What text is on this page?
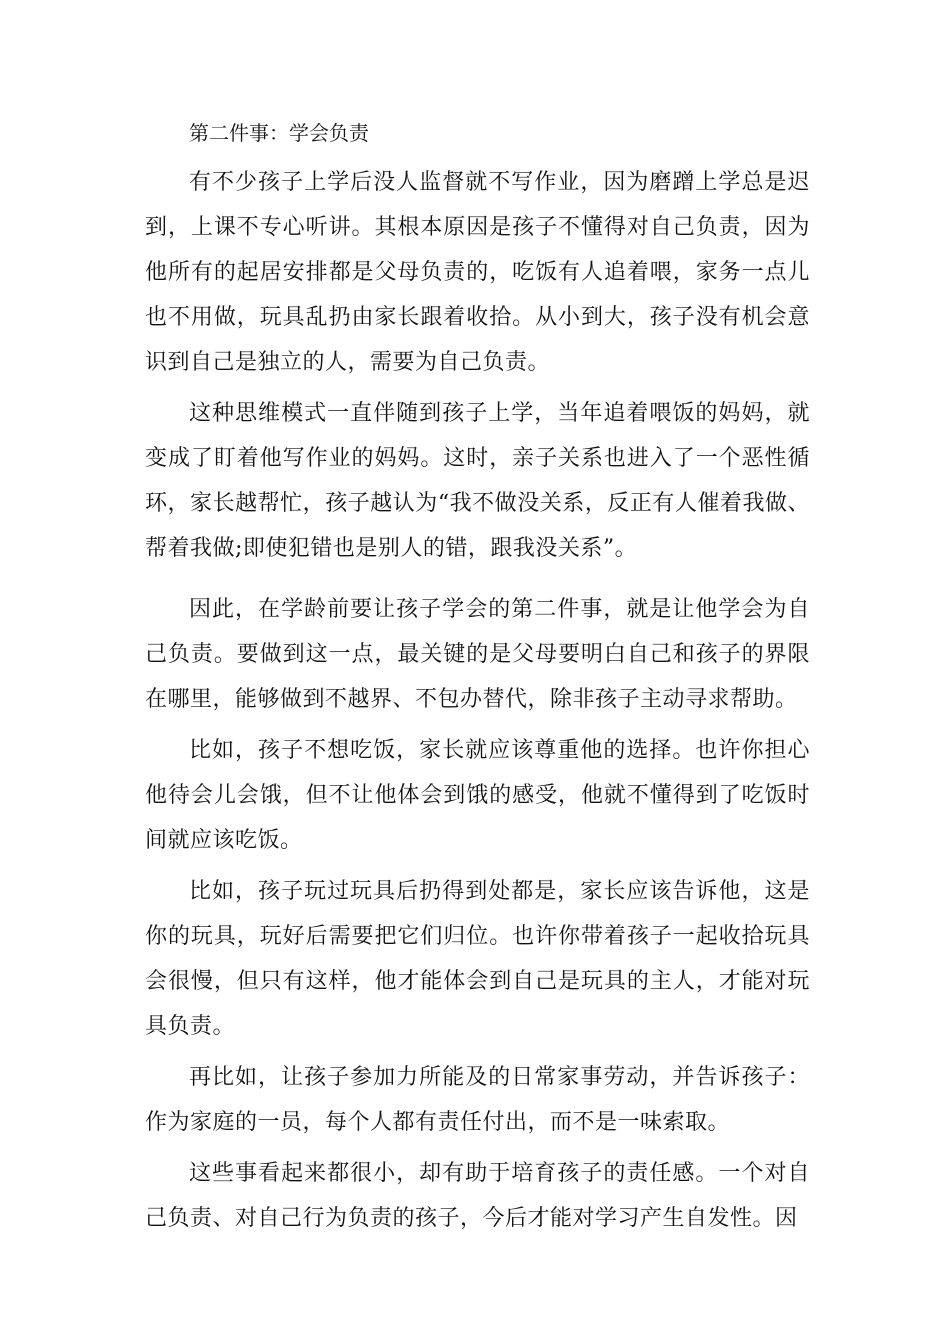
第二件事：学会负责

有不少孩子上学后没人监督就不写作业，因为磨蹭上学总是迟到，上课不专心听讲。其根本原因是孩子不懂得对自己负责，因为他所有的起居安排都是父母负责的，吃饭有人追着喂，家务一点儿也不用做，玩具乱扔由家长跟着收拾。从小到大，孩子没有机会意识到自己是独立的人，需要为自己负责。

这种思维模式一直伴随到孩子上学，当年追着喂饭的妈妈，就变成了盯着他写作业的妈妈。这时，亲子关系也进入了一个恶性循环，家长越帮忙，孩子越认为“我不做没关系，反正有人催着我做、帮着我做;即使犯错也是别人的错，跟我没关系”。

因此，在学龄前要让孩子学会的第二件事，就是让他学会为自己负责。要做到这一点，最关键的是父母要明白自己和孩子的界限在哪里，能够做到不越界、不包办替代，除非孩子主动寻求帮助。

比如，孩子不想吃饭，家长就应该尊重他的选择。也许你担心他待会儿会饿，但不让他体会到饿的感受，他就不懂得到了吃饭时间就应该吃饭。

比如，孩子玩过玩具后扔得到处都是，家长应该告诉他，这是你的玩具，玩好后需要把它们归位。也许你带着孩子一起收拾玩具会很慢，但只有这样，他才能体会到自己是玩具的主人，才能对玩具负责。

再比如，让孩子参加力所能及的日常家事劳动，并告诉孩子：作为家庭的一员，每个人都有责任付出，而不是一味索取。

这些事看起来都很小，却有助于培育孩子的责任感。一个对自己负责、对自己行为负责的孩子，今后才能对学习产生自发性。因
